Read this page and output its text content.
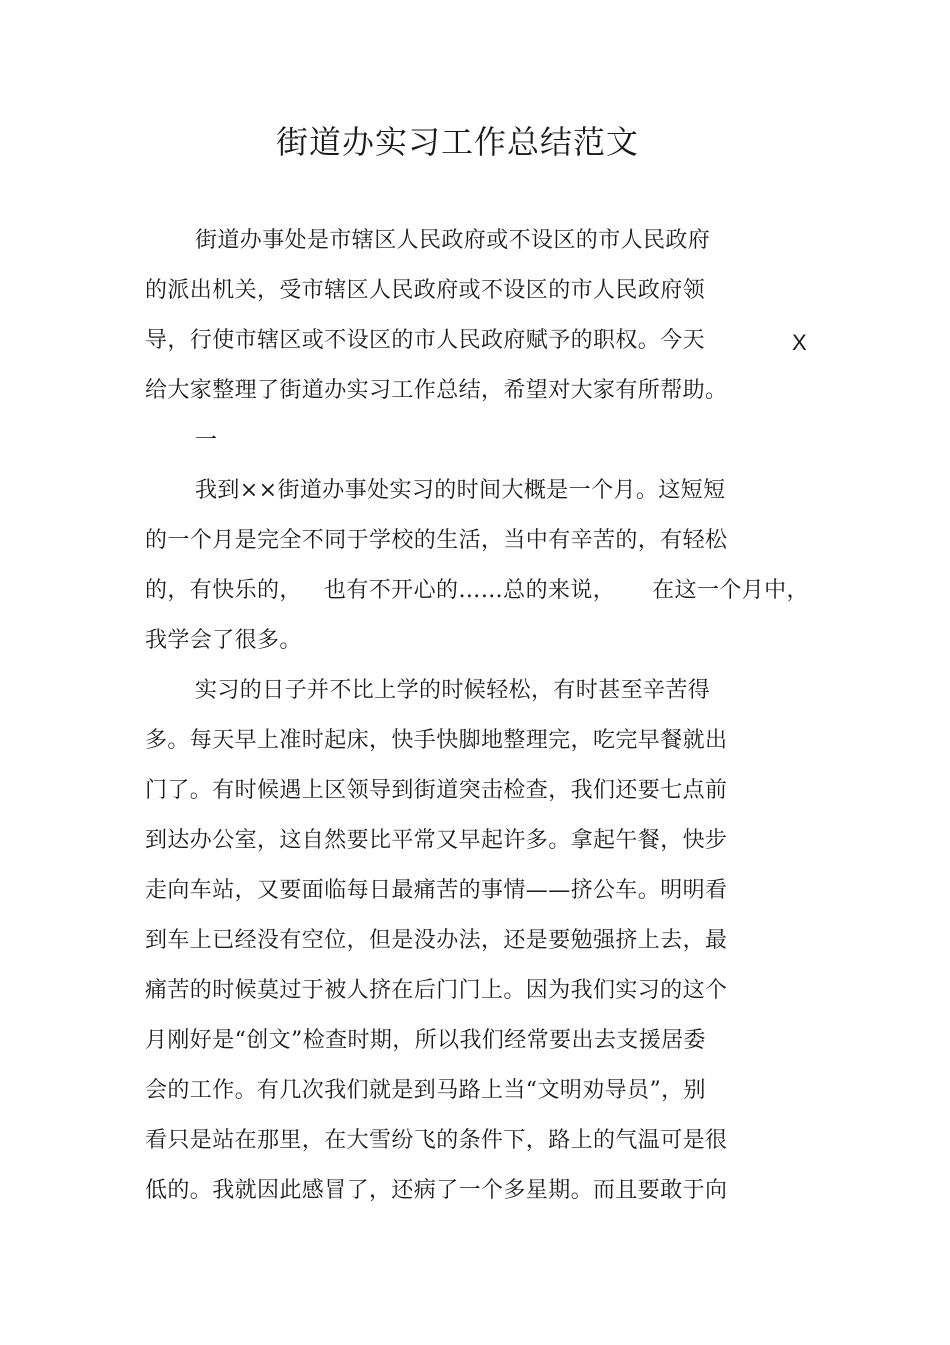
街道办实习工作总结范文
街道办事处是市辖区人民政府或不设区的市人民政府
的派出机关，受市辖区人民政府或不设区的市人民政府领
导，行使市辖区或不设区的市人民政府赋予的职权。今天	X
给大家整理了街道办实习工作总结，希望对大家有所帮助。
一
我到××街道办事处实习的时间大概是一个月。这短短
的一个月是完全不同于学校的生活，当中有辛苦的，有轻松
的，有快乐的，   也有不开心的……总的来说，     在这一个月中，
我学会了很多。
实习的日子并不比上学的时候轻松，有时甚至辛苦得
多。每天早上准时起床，快手快脚地整理完，吃完早餐就出
门了。有时候遇上区领导到街道突击检查，我们还要七点前
到达办公室，这自然要比平常又早起许多。拿起午餐，快步
走向车站，又要面临每日最痛苦的事情——挤公车。明明看
到车上已经没有空位，但是没办法，还是要勉强挤上去，最
痛苦的时候莫过于被人挤在后门门上。因为我们实习的这个
月刚好是“创文”检查时期，所以我们经常要出去支援居委
会的工作。有几次我们就是到马路上当“文明劝导员”，别
看只是站在那里，在大雪纷飞的条件下，路上的气温可是很
低的。我就因此感冒了，还病了一个多星期。而且要敢于向
